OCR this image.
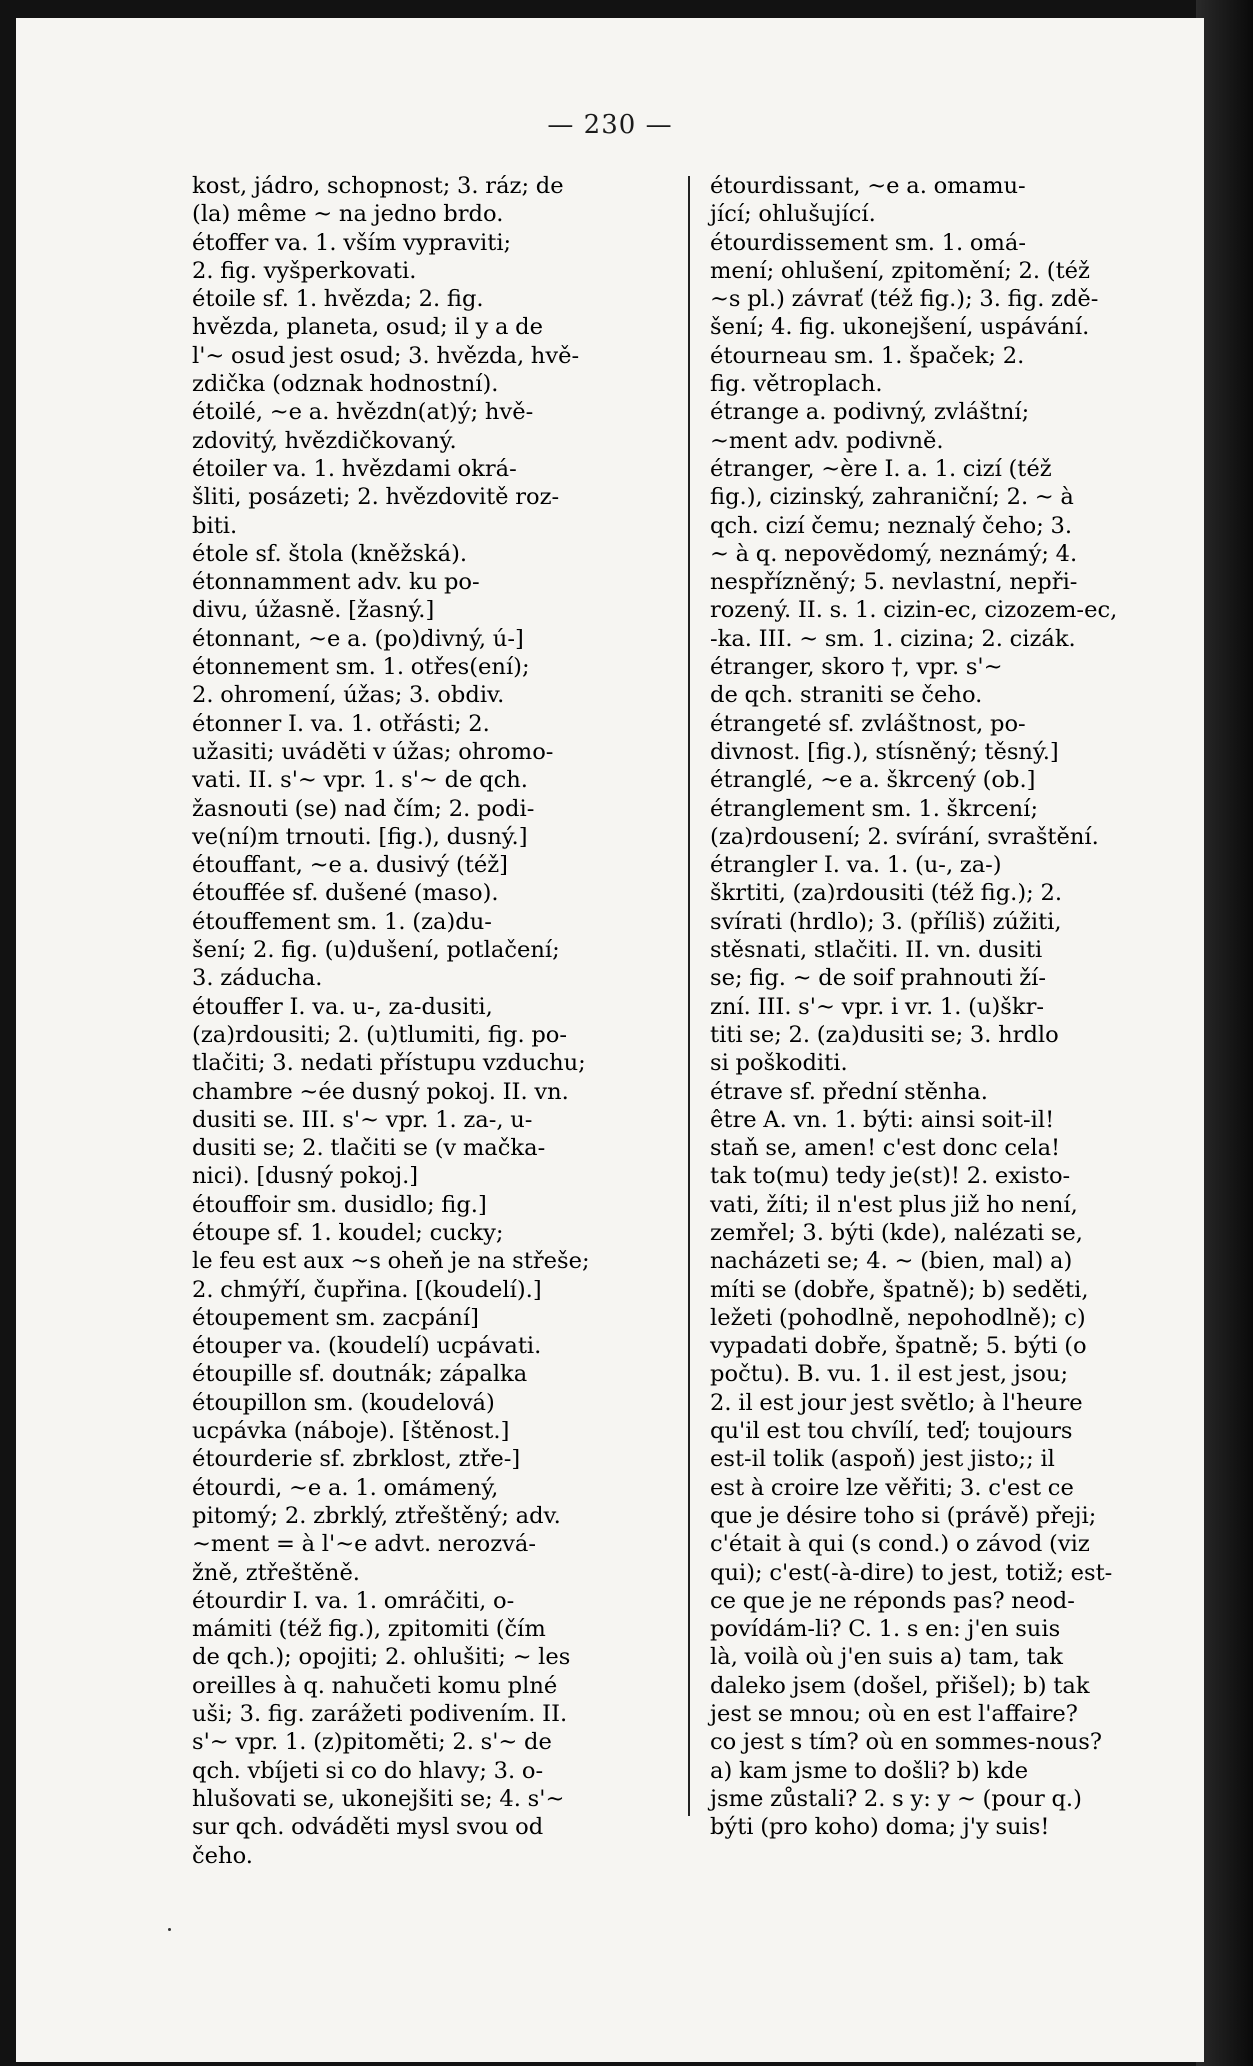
— 230 —
kost, jádro, schopnost; 3. ráz; de
(la) même ~ na jedno brdo.
étoffer va. 1. vším vypraviti;
2. fig. vyšperkovati.
étoile sf. 1. hvězda; 2. fig.
hvězda, planeta, osud; il y a de
l'~ osud jest osud; 3. hvězda, hvě-
zdička (odznak hodnostní).
étoilé, ~e a. hvězdn(at)ý; hvě-
zdovitý, hvězdičkovaný.
étoiler va. 1. hvězdami okrá-
šliti, posázeti; 2. hvězdovitě roz-
biti.
étole sf. štola (kněžská).
étonnamment adv. ku po-
divu, úžasně. [žasný.]
étonnant, ~e a. (po)divný, ú-]
étonnement sm. 1. otřes(ení);
2. ohromení, úžas; 3. obdiv.
étonner I. va. 1. otřásti; 2.
užasiti; uváděti v úžas; ohromo-
vati. II. s'~ vpr. 1. s'~ de qch.
žasnouti (se) nad čím; 2. podi-
ve(ní)m trnouti. [fig.), dusný.]
étouffant, ~e a. dusivý (též]
étouffée sf. dušené (maso).
étouffement sm. 1. (za)du-
šení; 2. fig. (u)dušení, potlačení;
3. záducha.
étouffer I. va. u-, za-dusiti,
(za)rdousiti; 2. (u)tlumiti, fig. po-
tlačiti; 3. nedati přístupu vzduchu;
chambre ~ée dusný pokoj. II. vn.
dusiti se. III. s'~ vpr. 1. za-, u-
dusiti se; 2. tlačiti se (v mačka-
nici). [dusný pokoj.]
étouffoir sm. dusidlo; fig.]
étoupe sf. 1. koudel; cucky;
le feu est aux ~s oheň je na střeše;
2. chmýří, čupřina. [(koudelí).]
étoupement sm. zacpání]
étouper va. (koudelí) ucpávati.
étoupille sf. doutnák; zápalka
étoupillon sm. (koudelová)
ucpávka (náboje). [štěnost.]
étourderie sf. zbrklost, ztře-]
étourdi, ~e a. 1. omámený,
pitomý; 2. zbrklý, ztřeštěný; adv.
~ment = à l'~e advt. nerozvá-
žně, ztřeštěně.
étourdir I. va. 1. omráčiti, o-
mámiti (též fig.), zpitomiti (čím
de qch.); opojiti; 2. ohlušiti; ~ les
oreilles à q. nahučeti komu plné
uši; 3. fig. zarážeti podivením. II.
s'~ vpr. 1. (z)pitoměti; 2. s'~ de
qch. vbíjeti si co do hlavy; 3. o-
hlušovati se, ukonejšiti se; 4. s'~
sur qch. odváděti mysl svou od
čeho.
étourdissant, ~e a. omamu-
jící; ohlušující.
étourdissement sm. 1. omá-
mení; ohlušení, zpitomění; 2. (též
~s pl.) závrať (též fig.); 3. fig. zdě-
šení; 4. fig. ukonejšení, uspávání.
étourneau sm. 1. špaček; 2.
fig. větroplach.
étrange a. podivný, zvláštní;
~ment adv. podivně.
étranger, ~ère I. a. 1. cizí (též
fig.), cizinský, zahraniční; 2. ~ à
qch. cizí čemu; neznalý čeho; 3.
~ à q. nepovědomý, neznámý; 4.
nespřízněný; 5. nevlastní, nepři-
rozený. II. s. 1. cizin-ec, cizozem-ec,
-ka. III. ~ sm. 1. cizina; 2. cizák.
étranger, skoro †, vpr. s'~
de qch. straniti se čeho.
étrangeté sf. zvláštnost, po-
divnost. [fig.), stísněný; těsný.]
étranglé, ~e a. škrcený (ob.]
étranglement sm. 1. škrcení;
(za)rdousení; 2. svírání, svraštění.
étrangler I. va. 1. (u-, za-)
škrtiti, (za)rdousiti (též fig.); 2.
svírati (hrdlo); 3. (příliš) zúžiti,
stěsnati, stlačiti. II. vn. dusiti
se; fig. ~ de soif prahnouti ží-
zní. III. s'~ vpr. i vr. 1. (u)škr-
titi se; 2. (za)dusiti se; 3. hrdlo
si poškoditi.
étrave sf. přední stěnha.
être A. vn. 1. býti: ainsi soit-il!
staň se, amen! c'est donc cela!
tak to(mu) tedy je(st)! 2. existo-
vati, žíti; il n'est plus již ho není,
zemřel; 3. býti (kde), nalézati se,
nacházeti se; 4. ~ (bien, mal) a)
míti se (dobře, špatně); b) seděti,
ležeti (pohodlně, nepohodlně); c)
vypadati dobře, špatně; 5. býti (o
počtu). B. vu. 1. il est jest, jsou;
2. il est jour jest světlo; à l'heure
qu'il est tou chvílí, teď; toujours
est-il tolik (aspoň) jest jisto;; il
est à croire lze věřiti; 3. c'est ce
que je désire toho si (právě) přeji;
c'était à qui (s cond.) o závod (viz
qui); c'est(-à-dire) to jest, totiž; est-
ce que je ne réponds pas? neod-
povídám-li? C. 1. s en: j'en suis
là, voilà où j'en suis a) tam, tak
daleko jsem (došel, přišel); b) tak
jest se mnou; où en est l'affaire?
co jest s tím? où en sommes-nous?
a) kam jsme to došli? b) kde
jsme zůstali? 2. s y: y ~ (pour q.)
býti (pro koho) doma; j'y suis!
